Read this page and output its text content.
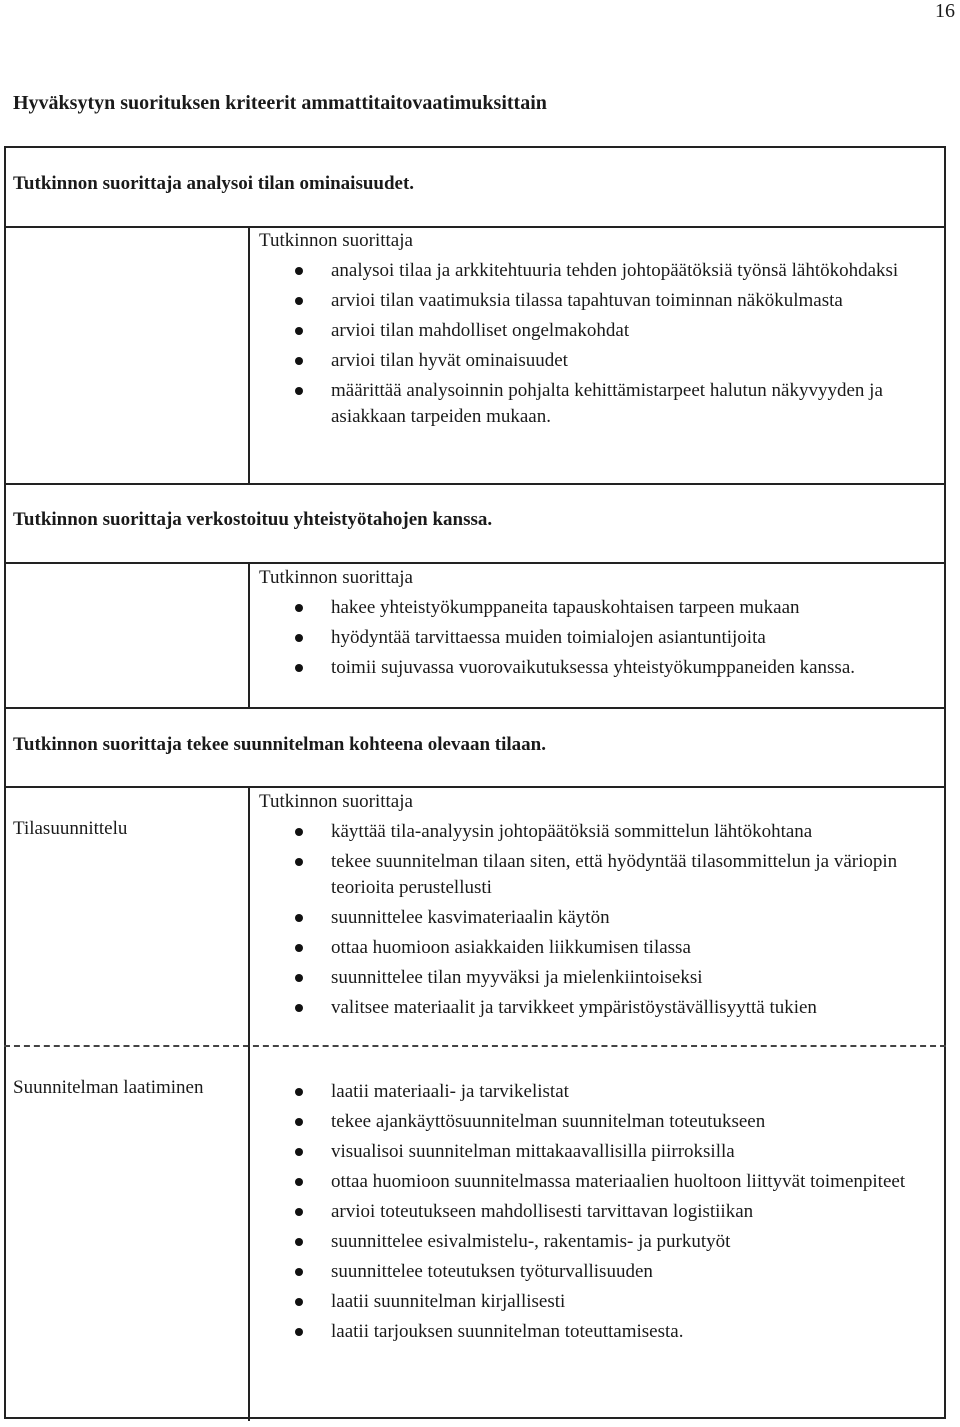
16
Hyväksytyn suorituksen kriteerit ammattitaitovaatimuksittain
Tutkinnon suorittaja analysoi tilan ominaisuudet.
Tutkinnon suorittaja
analysoi tilaa ja arkkitehtuuria tehden johtopäätöksiä työnsä lähtökohdaksi
arvioi tilan vaatimuksia tilassa tapahtuvan toiminnan näkökulmasta
arvioi tilan mahdolliset ongelmakohdat
arvioi tilan hyvät ominaisuudet
määrittää analysoinnin pohjalta kehittämistarpeet halutun näkyvyyden ja asiakkaan tarpeiden mukaan.
Tutkinnon suorittaja verkostoituu yhteistyötahojen kanssa.
Tutkinnon suorittaja
hakee yhteistyökumppaneita tapauskohtaisen tarpeen mukaan
hyödyntää tarvittaessa muiden toimialojen asiantuntijoita
toimii sujuvassa vuorovaikutuksessa yhteistyökumppaneiden kanssa.
Tutkinnon suorittaja tekee suunnitelman kohteena olevaan tilaan.
Tilasuunnittelu
Tutkinnon suorittaja
käyttää tila-analyysin johtopäätöksiä sommittelun lähtökohtana
tekee suunnitelman tilaan siten, että hyödyntää tilasommittelun ja väriopin teorioita perustellusti
suunnittelee kasvimateriaalin käytön
ottaa huomioon asiakkaiden liikkumisen tilassa
suunnittelee tilan myyväksi ja mielenkiintoiseksi
valitsee materiaalit ja tarvikkeet ympäristöystävällisyyttä tukien
Suunnitelman laatiminen	laatii materiaali- ja tarvikelistat
tekee ajankäyttösuunnitelman suunnitelman toteutukseen
visualisoi suunnitelman mittakaavallisilla piirroksilla
ottaa huomioon suunnitelmassa materiaalien huoltoon liittyvät toimenpiteet
arvioi toteutukseen mahdollisesti tarvittavan logistiikan
suunnittelee esivalmistelu-, rakentamis- ja purkutyöt
suunnittelee toteutuksen työturvallisuuden
laatii suunnitelman kirjallisesti
laatii tarjouksen suunnitelman toteuttamisesta.
